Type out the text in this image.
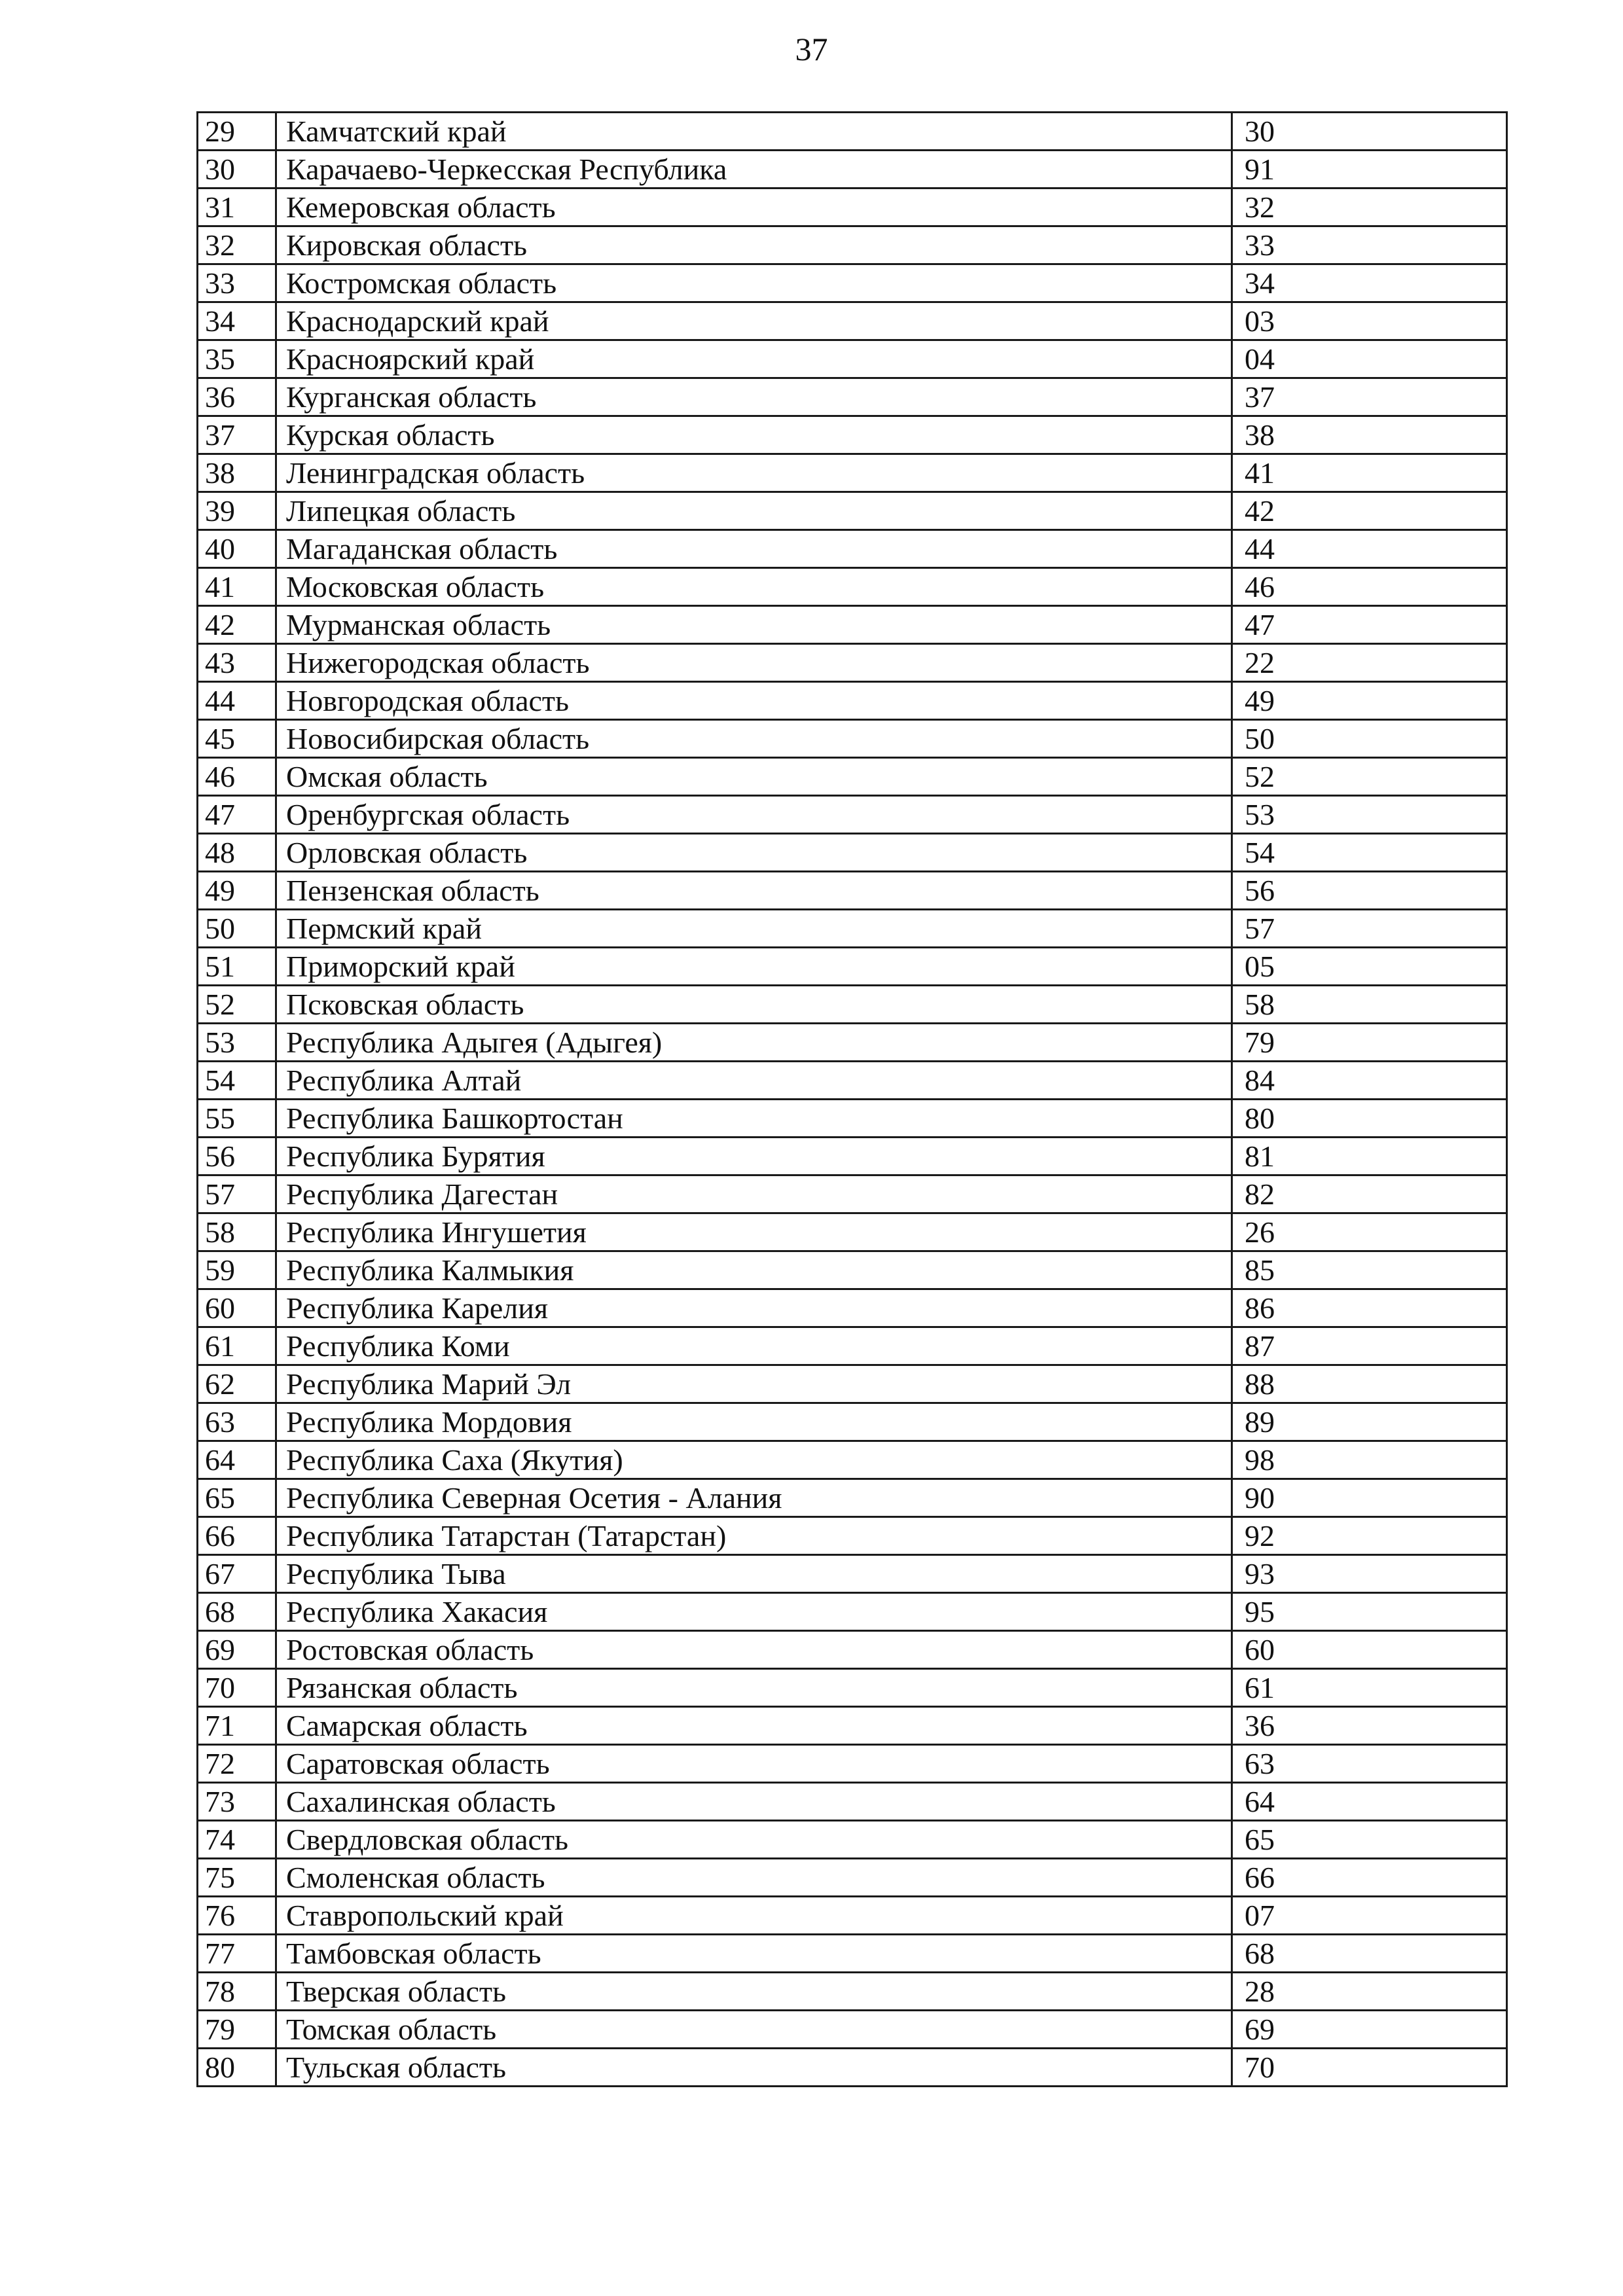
37
29	Камчатский край	30
30	Карачаево-Черкесская Республика	91
31	Кемеровская область	32
32	Кировская область	33
33	Костромская область	34
34	Краснодарский край	03
35	Красноярский край	04
36	Курганская область	37
37	Курская область	38
38	Ленинградская область	41
39	Липецкая область	42
40	Магаданская область	44
41	Московская область	46
42	Мурманская область	47
43	Нижегородская область	22
44	Новгородская область	49
45	Новосибирская область	50
46	Омская область	52
47	Оренбургская область	53
48	Орловская область	54
49	Пензенская область	56
50	Пермский край	57
51	Приморский край	05
52	Псковская область	58
53	Республика Адыгея (Адыгея)	79
54	Республика Алтай	84
55	Республика Башкортостан	80
56	Республика Бурятия	81
57	Республика Дагестан	82
58	Республика Ингушетия	26
59	Республика Калмыкия	85
60	Республика Карелия	86
61	Республика Коми	87
62	Республика Марий Эл	88
63	Республика Мордовия	89
64	Республика Саха (Якутия)	98
65	Республика Северная Осетия - Алания	90
66	Республика Татарстан (Татарстан)	92
67	Республика Тыва	93
68	Республика Хакасия	95
69	Ростовская область	60
70	Рязанская область	61
71	Самарская область	36
72	Саратовская область	63
73	Сахалинская область	64
74	Свердловская область	65
75	Смоленская область	66
76	Ставропольский край	07
77	Тамбовская область	68
78	Тверская область	28
79	Томская область	69
80	Тульская область	70
